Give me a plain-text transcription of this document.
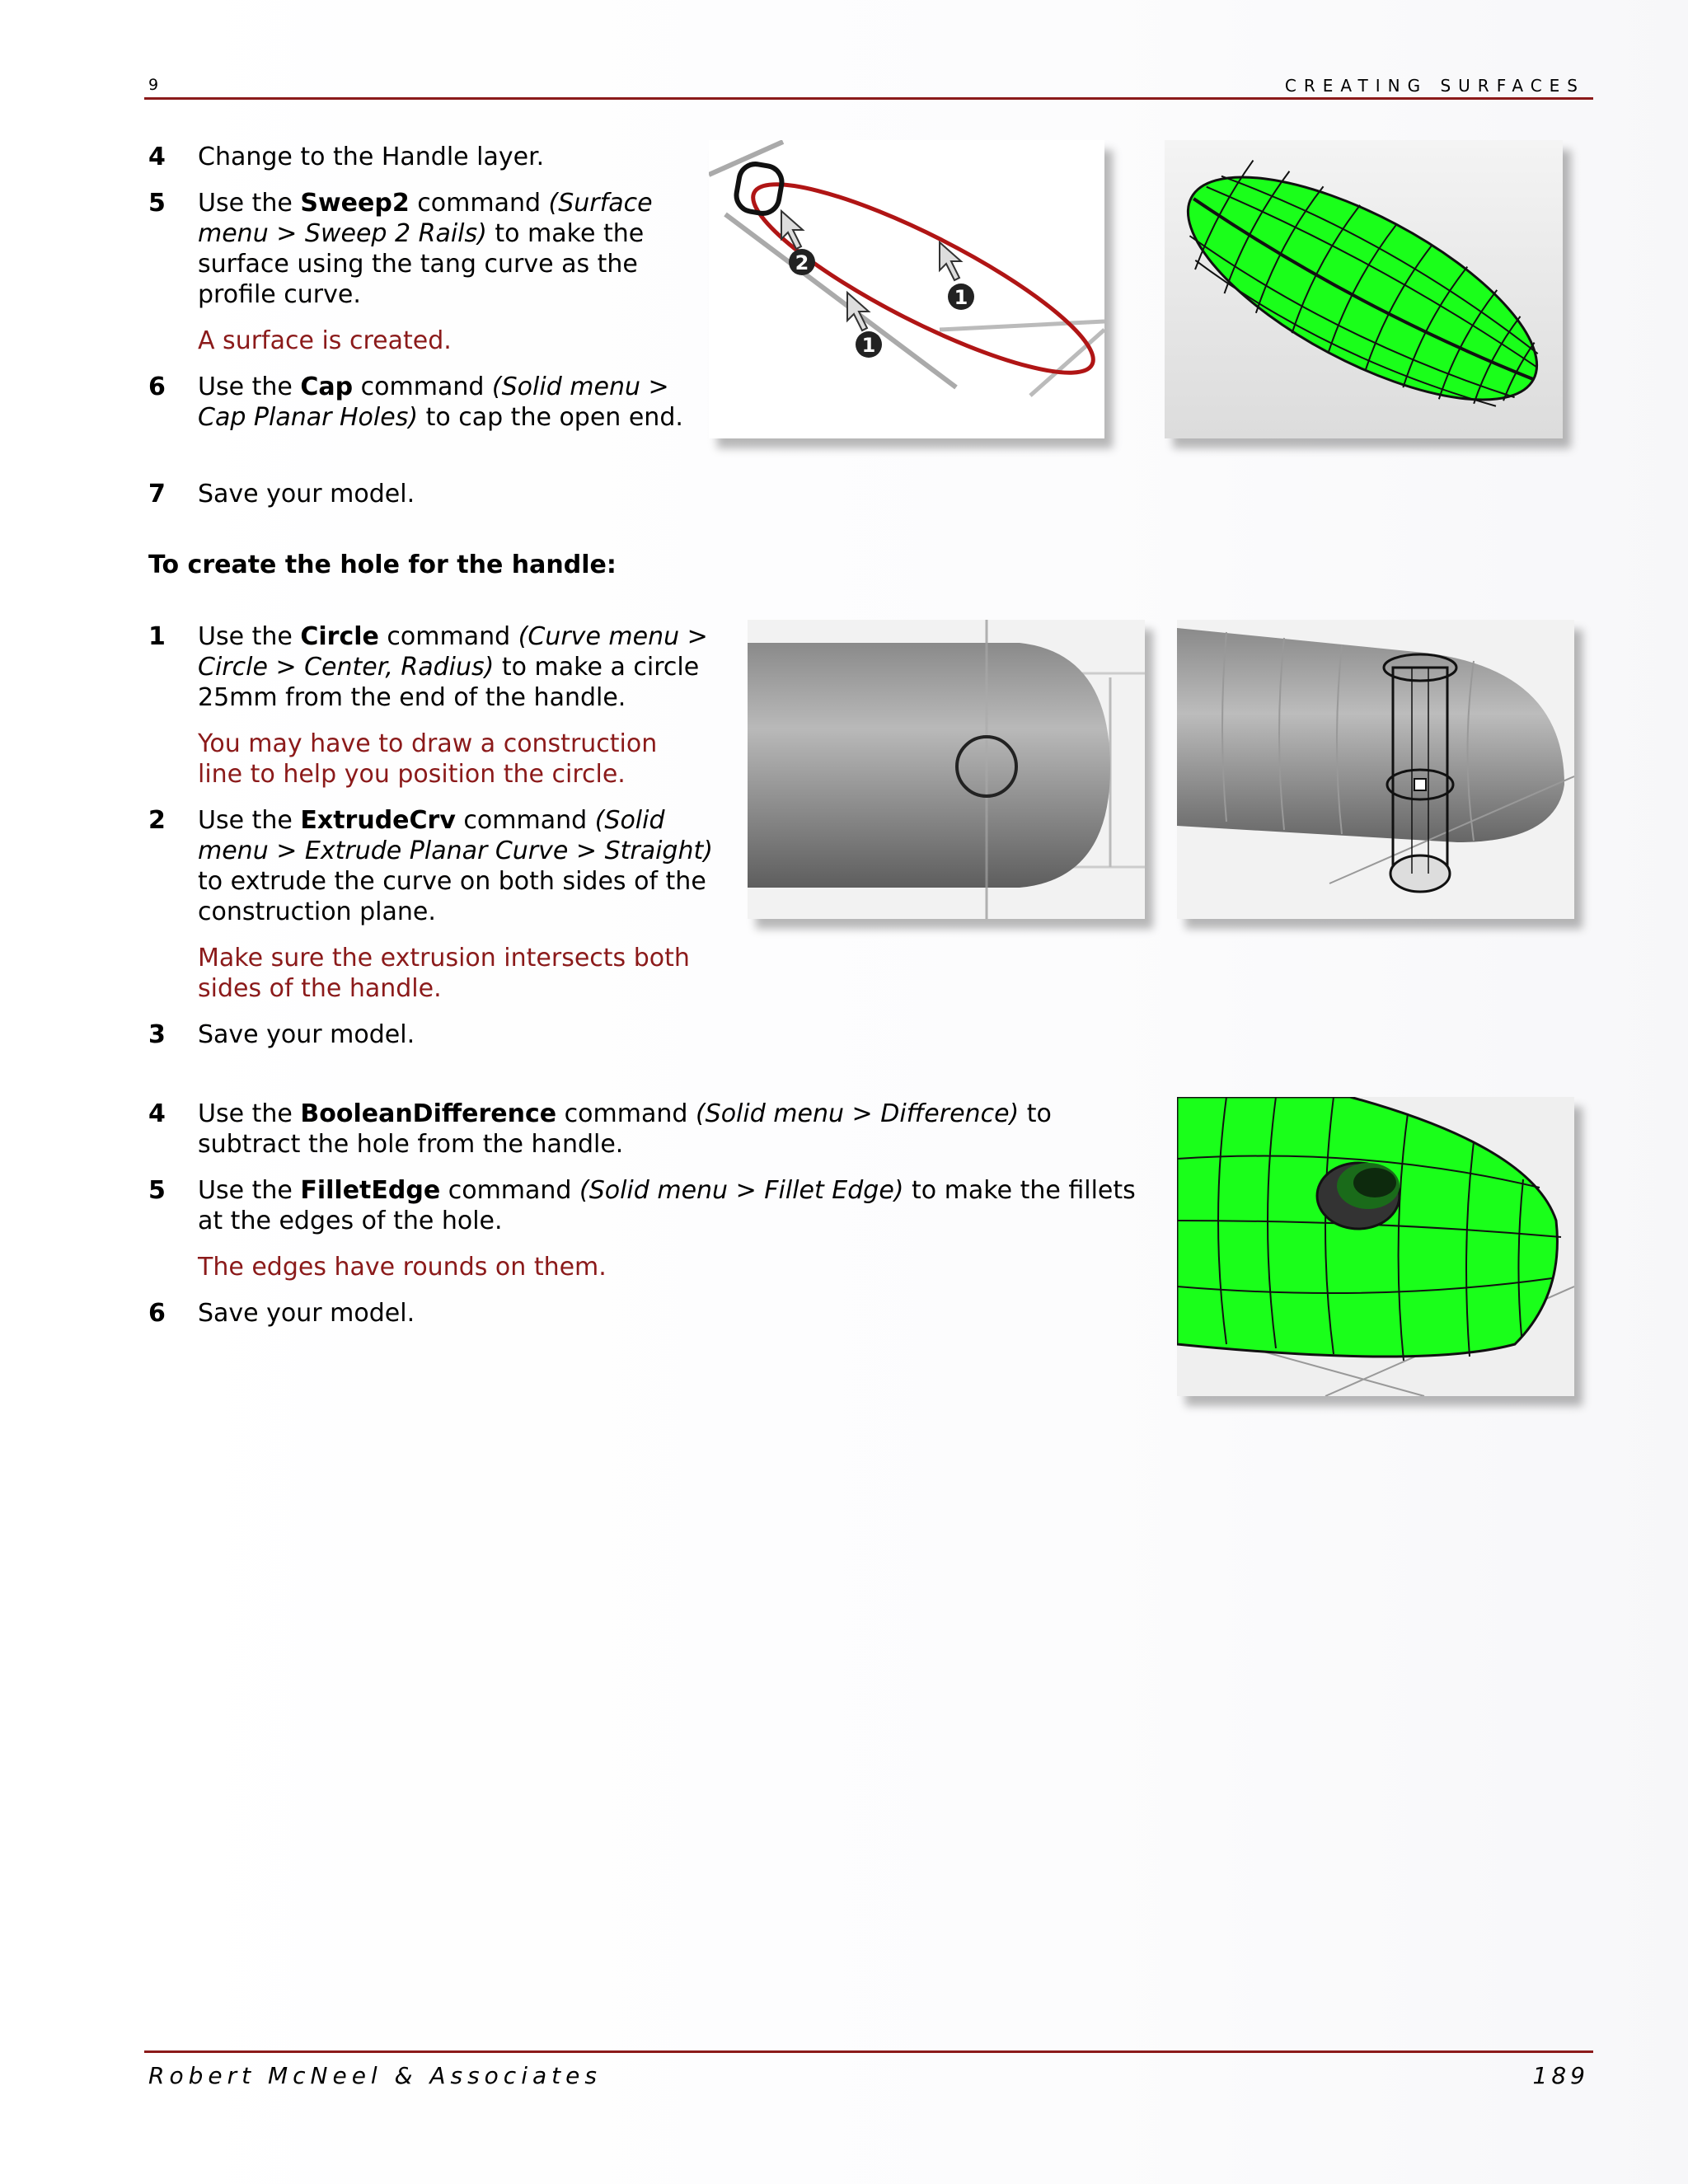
9	CREATING SURFACES
4 Change to the Handle layer.
5 Use the Sweep2 command (Surface menu > Sweep 2 Rails) to make the surface using the tang curve as the profile curve.
A surface is created.
6 Use the Cap command (Solid menu > Cap Planar Holes) to cap the open end.
7 Save your model.
To create the hole for the handle:
1 Use the Circle command (Curve menu > Circle > Center, Radius) to make a circle 25mm from the end of the handle.
You may have to draw a construction line to help you position the circle.
2 Use the ExtrudeCrv command (Solid menu > Extrude Planar Curve > Straight) to extrude the curve on both sides of the construction plane.
Make sure the extrusion intersects both sides of the handle.
3 Save your model.
4 Use the BooleanDifference command (Solid menu > Difference) to subtract the hole from the handle.
5 Use the FilletEdge command (Solid menu > Fillet Edge) to make the fillets at the edges of the hole.
The edges have rounds on them.
6 Save your model.
2
1
1
Robert McNeel & Associates	189
